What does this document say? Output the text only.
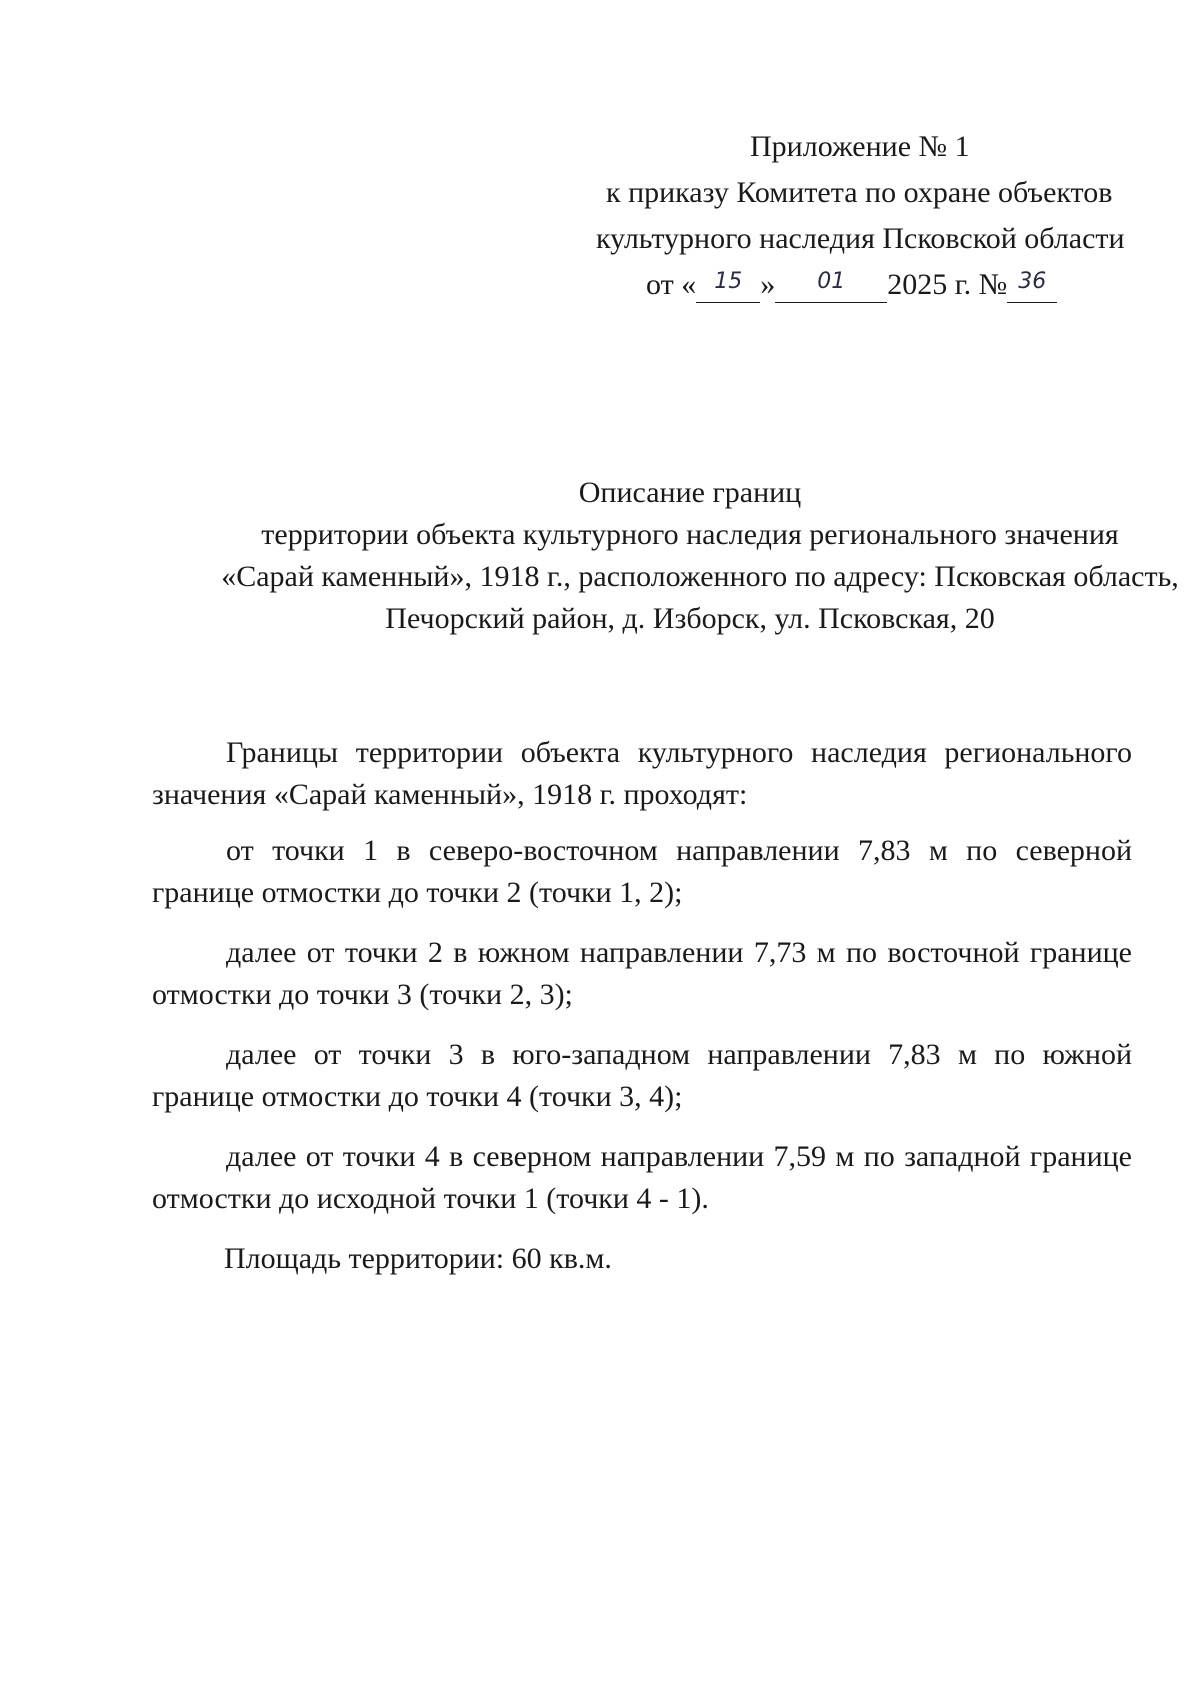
Приложение № 1
к приказу Комитета по охране объектов
культурного наследия Псковской области
от « $^{15}$ » $^{01}$ 2025 г. № $^{36}$
Описание границ
территории объекта культурного наследия регионального значения
«Сарай каменный», 1918 г., расположенного по адресу: Псковская область,
Печорский район, д. Изборск, ул. Псковская, 20

Границы территории объекта культурного наследия регионального
значения «Сарай каменный», 1918 г. проходят:

от точки 1 в северо-восточном направлении 7,83 м по северной
границе отмостки до точки 2 (точки 1, 2);

далее от точки 2 в южном направлении 7,73 м по восточной границе
отмостки до точки 3 (точки 2, 3);

далее от точки 3 в юго-западном направлении 7,83 м по южной
границе отмостки до точки 4 (точки 3, 4);

далее от точки 4 в северном направлении 7,59 м по западной границе
отмостки до исходной точки 1 (точки 4 - 1).

Площадь территории: 60 кв.м.
